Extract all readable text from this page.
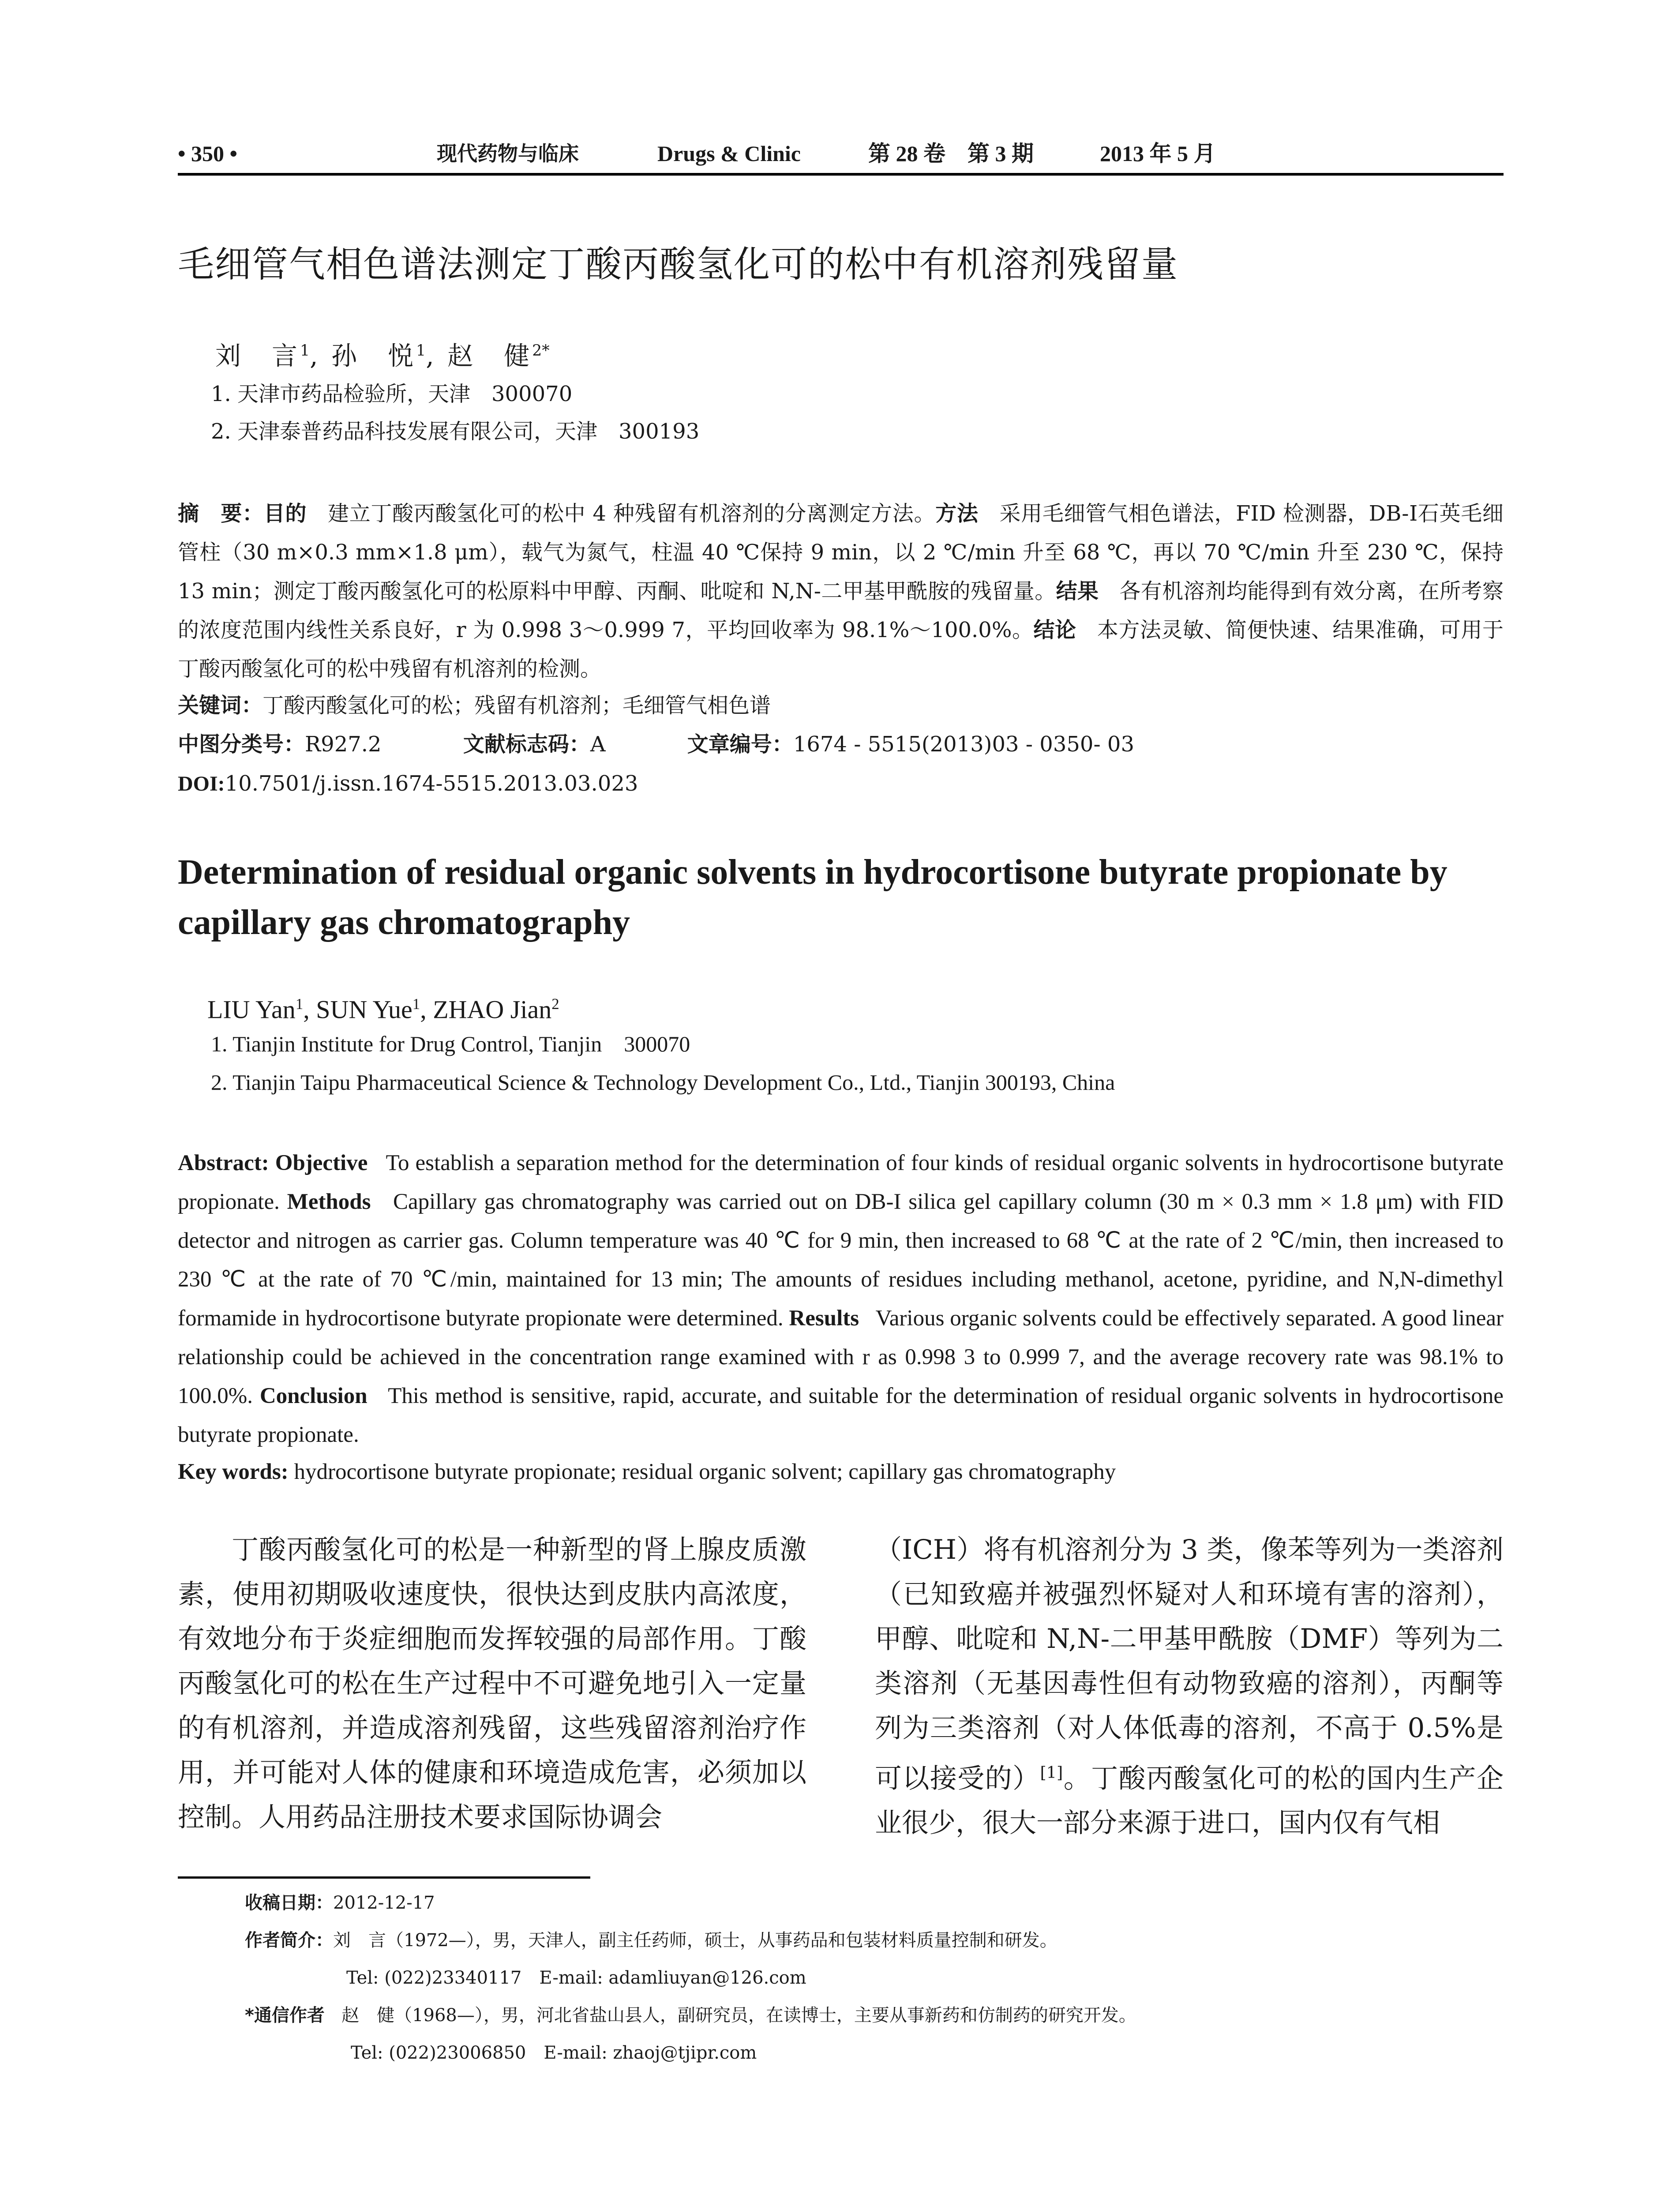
• 350 •	现代药物与临床	Drugs & Clinic	第 28 卷　第 3 期	2013 年 5 月
毛细管气相色谱法测定丁酸丙酸氢化可的松中有机溶剂残留量
刘　言$^1$, 孙　悦$^1$, 赵　健$^{2*}$
1. 天津市药品检验所，天津　300070
2. 天津泰普药品科技发展有限公司，天津　300193
摘　要：目的 建立丁酸丙酸氢化可的松中 4 种残留有机溶剂的分离测定方法。方法 采用毛细管气相色谱法，FID 检测器，DB-Ⅰ石英毛细管柱（30 m×0.3 mm×1.8 μm），载气为氮气，柱温 40 ℃保持 9 min，以 2 ℃/min 升至 68 ℃，再以 70 ℃/min 升至 230 ℃，保持 13 min；测定丁酸丙酸氢化可的松原料中甲醇、丙酮、吡啶和 N,N-二甲基甲酰胺的残留量。结果 各有机溶剂均能得到有效分离，在所考察的浓度范围内线性关系良好，r 为 0.998 3～0.999 7，平均回收率为 98.1%～100.0%。结论 本方法灵敏、简便快速、结果准确，可用于丁酸丙酸氢化可的松中残留有机溶剂的检测。
关键词：丁酸丙酸氢化可的松；残留有机溶剂；毛细管气相色谱
中图分类号：R927.2	文献标志码：A	文章编号：1674 - 5515(2013)03 - 0350- 03
DOI:10.7501/j.issn.1674-5515.2013.03.023
Determination of residual organic solvents in hydrocortisone butyrate propionate by capillary gas chromatography
LIU Yan$^1$, SUN Yue$^1$, ZHAO Jian$^2$
1. Tianjin Institute for Drug Control, Tianjin　300070
2. Tianjin Taipu Pharmaceutical Science & Technology Development Co., Ltd., Tianjin 300193, China
Abstract: Objective To establish a separation method for the determination of four kinds of residual organic solvents in hydrocortisone butyrate propionate. Methods Capillary gas chromatography was carried out on DB-I silica gel capillary column (30 m × 0.3 mm × 1.8 μm) with FID detector and nitrogen as carrier gas. Column temperature was 40 ℃ for 9 min, then increased to 68 ℃ at the rate of 2 ℃/min, then increased to 230 ℃ at the rate of 70 ℃/min, maintained for 13 min; The amounts of residues including methanol, acetone, pyridine, and N,N-dimethyl formamide in hydrocortisone butyrate propionate were determined. Results Various organic solvents could be effectively separated. A good linear relationship could be achieved in the concentration range examined with r as 0.998 3 to 0.999 7, and the average recovery rate was 98.1% to 100.0%. Conclusion This method is sensitive, rapid, accurate, and suitable for the determination of residual organic solvents in hydrocortisone butyrate propionate.
Key words: hydrocortisone butyrate propionate; residual organic solvent; capillary gas chromatography
丁酸丙酸氢化可的松是一种新型的肾上腺皮质激素，使用初期吸收速度快，很快达到皮肤内高浓度，有效地分布于炎症细胞而发挥较强的局部作用。丁酸丙酸氢化可的松在生产过程中不可避免地引入一定量的有机溶剂，并造成溶剂残留，这些残留溶剂治疗作用，并可能对人体的健康和环境造成危害，必须加以控制。人用药品注册技术要求国际协调会
（ICH）将有机溶剂分为 3 类，像苯等列为一类溶剂（已知致癌并被强烈怀疑对人和环境有害的溶剂），甲醇、吡啶和 N,N-二甲基甲酰胺（DMF）等列为二类溶剂（无基因毒性但有动物致癌的溶剂），丙酮等列为三类溶剂（对人体低毒的溶剂，不高于 0.5%是可以接受的）[1]。丁酸丙酸氢化可的松的国内生产企业很少，很大一部分来源于进口，国内仅有气相
收稿日期：2012-12-17
作者简介：刘　言（1972—），男，天津人，副主任药师，硕士，从事药品和包装材料质量控制和研发。
Tel: (022)23340117　E-mail: adamliuyan@126.com
*通信作者 赵　健（1968—），男，河北省盐山县人，副研究员，在读博士，主要从事新药和仿制药的研究开发。
Tel: (022)23006850　E-mail: zhaoj@tjipr.com
